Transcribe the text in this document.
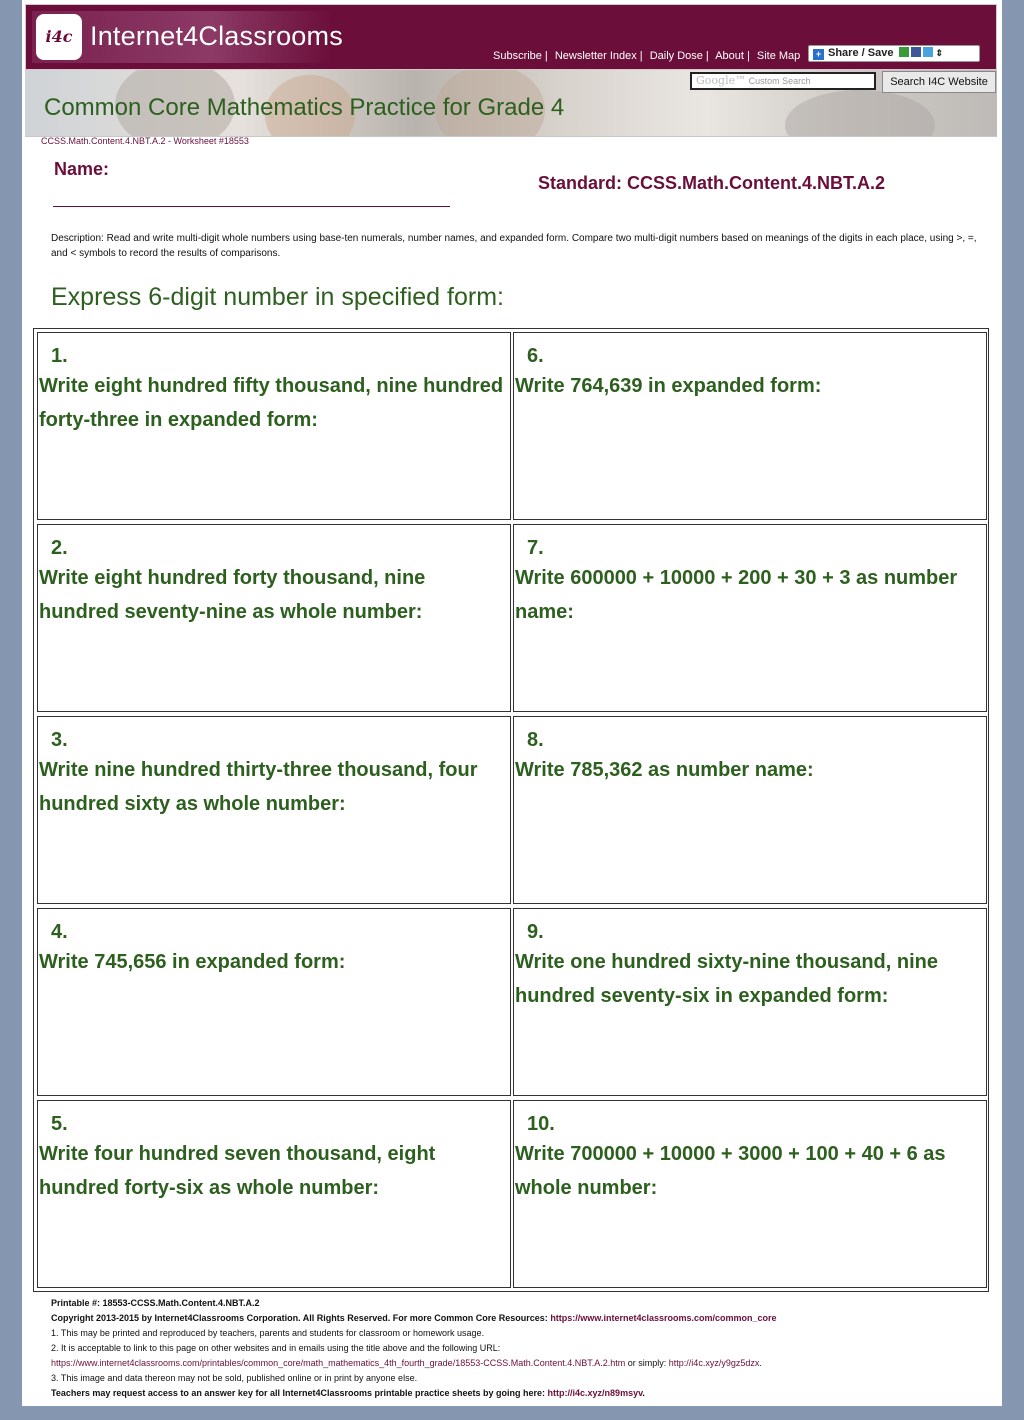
i4c Internet4Classrooms
Subscribe | Newsletter Index | Daily Dose | About | Site Map	+ Share / Save	⇕
Google™ Custom Search	Search I4C Website
Common Core Mathematics Practice for Grade 4
CCSS.Math.Content.4.NBT.A.2 - Worksheet #18553
Name:
Standard: CCSS.Math.Content.4.NBT.A.2
Description: Read and write multi-digit whole numbers using base-ten numerals, number names, and expanded form. Compare two multi-digit numbers based on meanings of the digits in each place, using >, =, and < symbols to record the results of comparisons.
Express 6-digit number in specified form:
1.
Write eight hundred fifty thousand, nine hundred forty-three in expanded form:
2.
Write eight hundred forty thousand, nine hundred seventy-nine as whole number:
3.
Write nine hundred thirty-three thousand, four hundred sixty as whole number:
4.
Write 745,656 in expanded form:
5.
Write four hundred seven thousand, eight hundred forty-six as whole number:
6.
Write 764,639 in expanded form:
7.
Write 600000 + 10000 + 200 + 30 + 3 as number name:
8.
Write 785,362 as number name:
9.
Write one hundred sixty-nine thousand, nine hundred seventy-six in expanded form:
10.
Write 700000 + 10000 + 3000 + 100 + 40 + 6 as whole number:
Printable #: 18553-CCSS.Math.Content.4.NBT.A.2
Copyright 2013-2015 by Internet4Classrooms Corporation. All Rights Reserved. For more Common Core Resources: https://www.internet4classrooms.com/common_core
1. This may be printed and reproduced by teachers, parents and students for classroom or homework usage.
2. It is acceptable to link to this page on other websites and in emails using the title above and the following URL:
https://www.internet4classrooms.com/printables/common_core/math_mathematics_4th_fourth_grade/18553-CCSS.Math.Content.4.NBT.A.2.htm or simply: http://i4c.xyz/y9gz5dzx.
3. This image and data thereon may not be sold, published online or in print by anyone else.
Teachers may request access to an answer key for all Internet4Classrooms printable practice sheets by going here: http://i4c.xyz/n89msyv.
